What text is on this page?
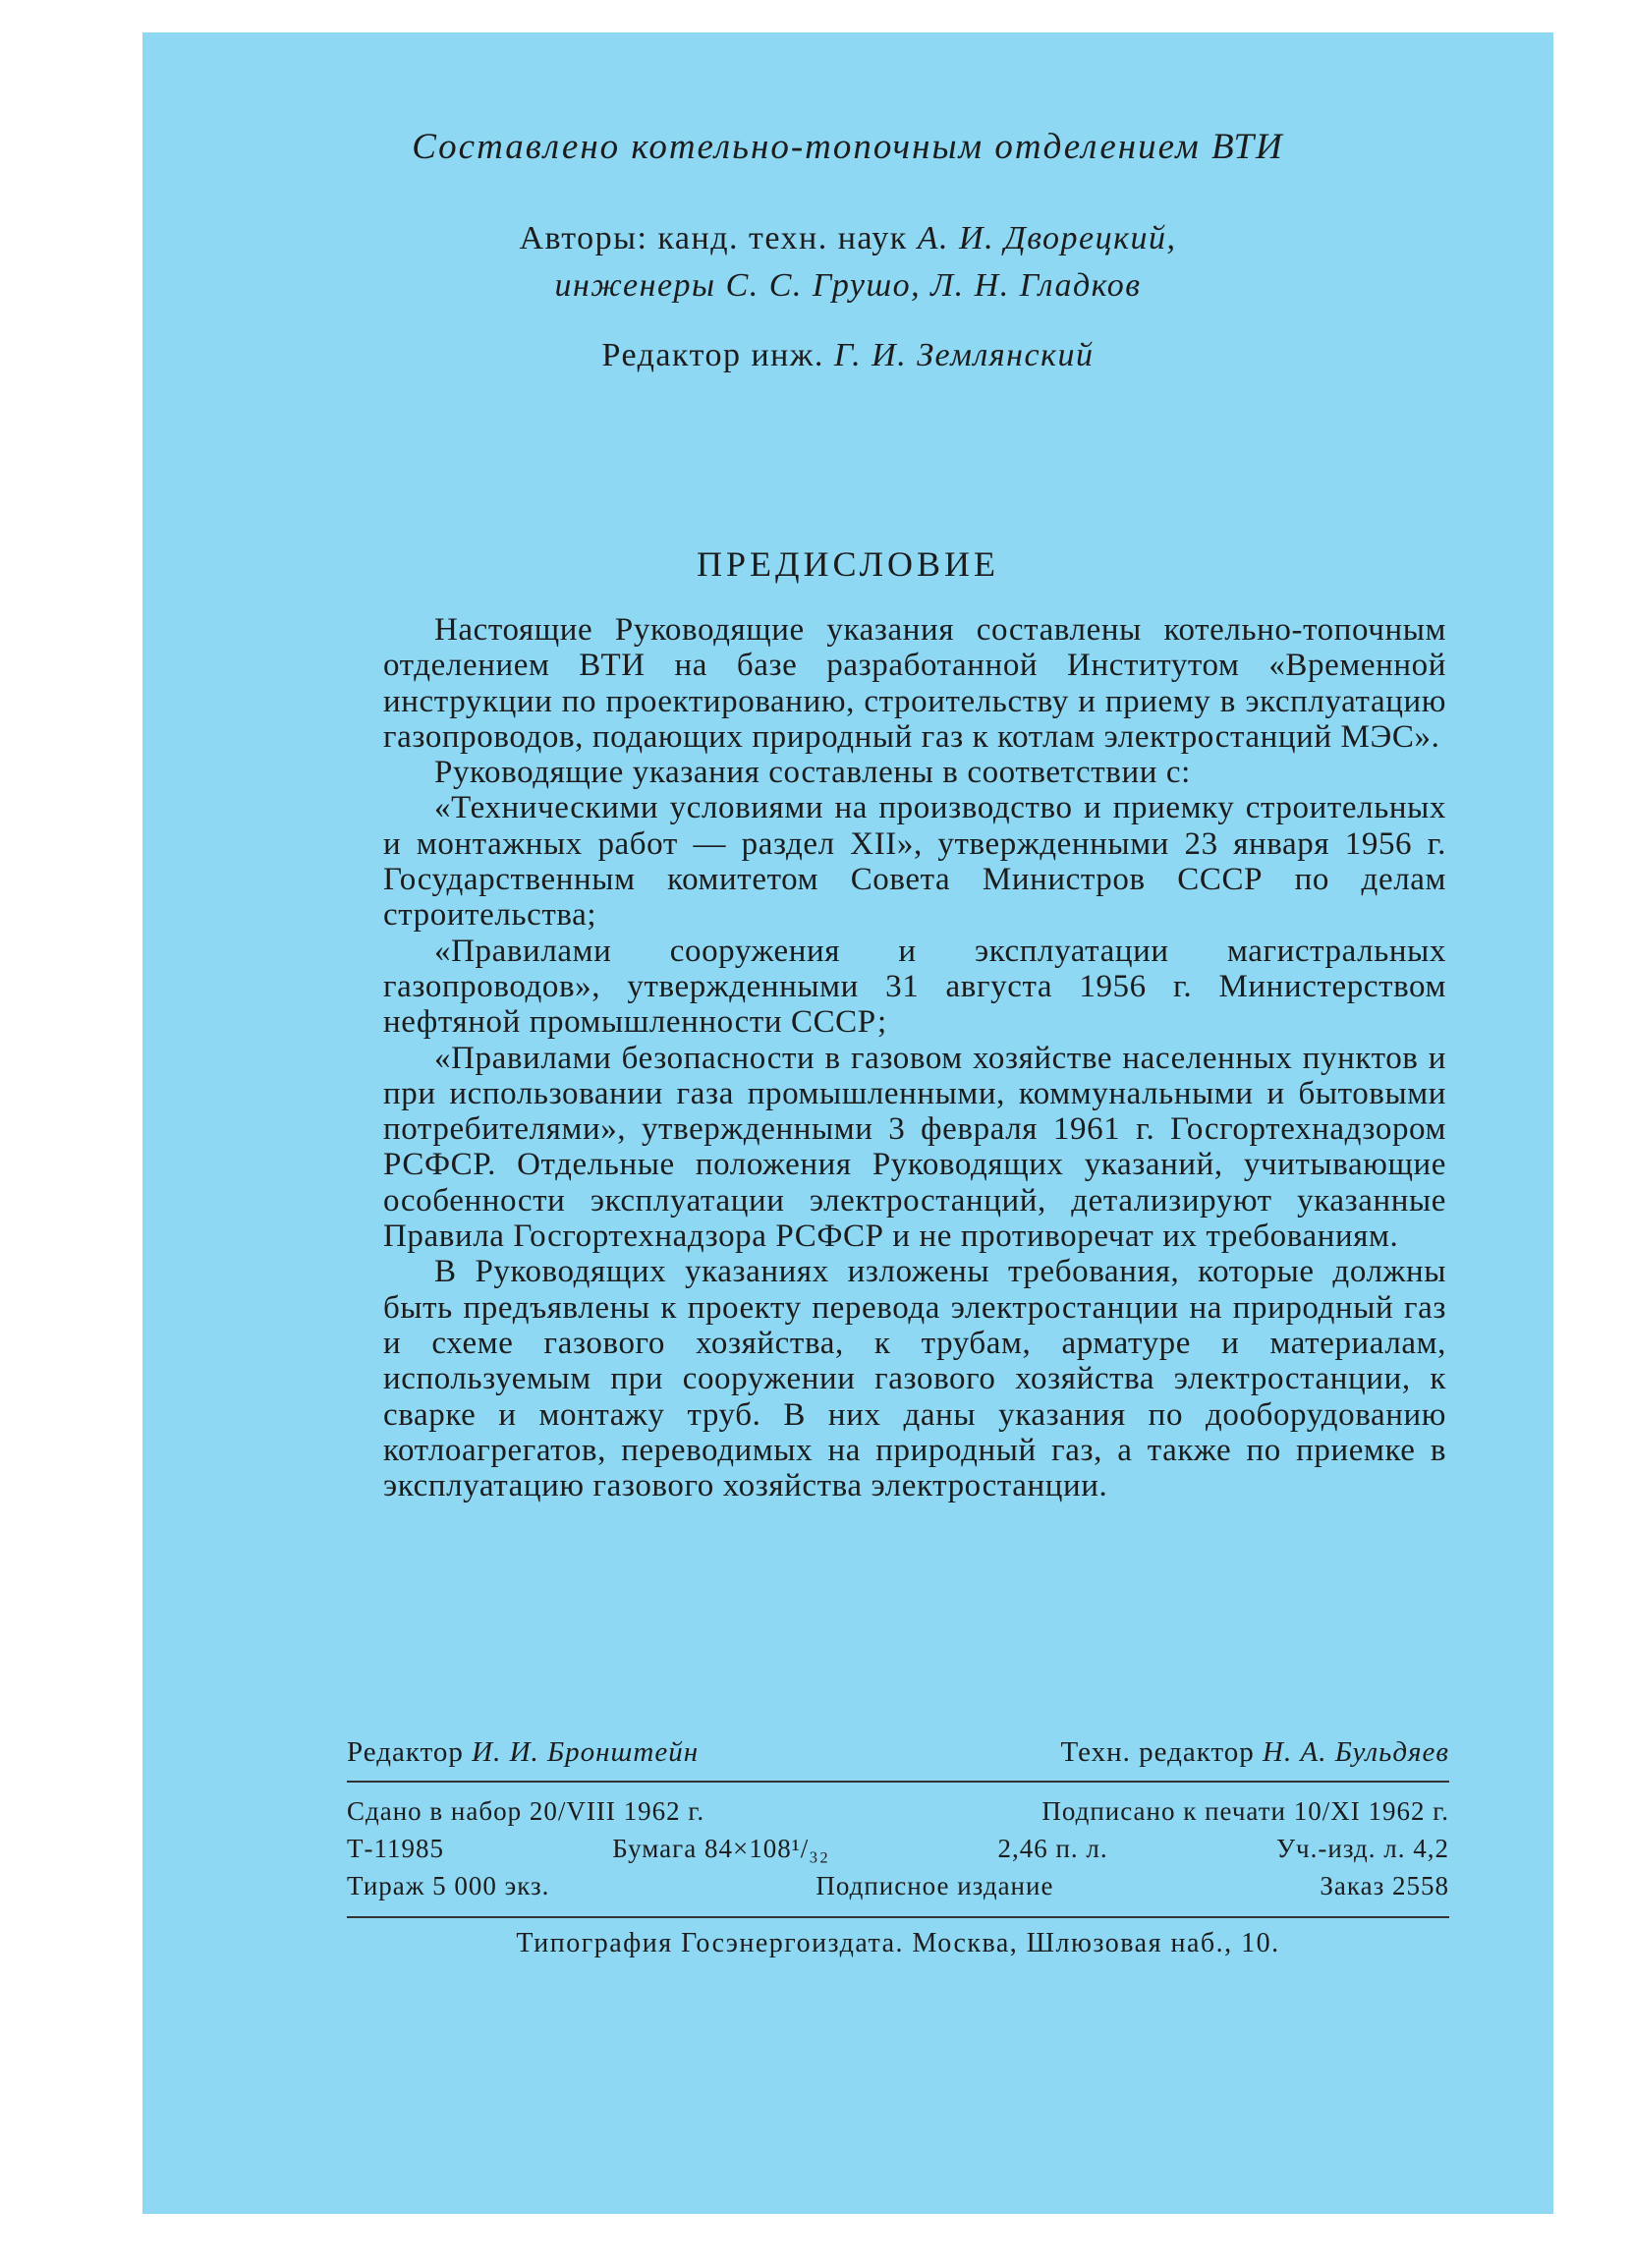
Составлено котельно-топочным отделением ВТИ

Авторы: канд. техн. наук А. И. Дворецкий,
инженеры С. С. Грушо, Л. Н. Гладков
Редактор инж. Г. И. Землянский
ПРЕДИСЛОВИЕ

Настоящие Руководящие указания составлены котельно-топочным отделением ВТИ на базе разработанной Институтом «Временной инструкции по проектированию, строительству и приему в эксплуатацию газопроводов, подающих природный газ к котлам электростанций МЭС».

Руководящие указания составлены в соответствии с:

«Техническими условиями на производство и приемку строительных и монтажных работ — раздел XII», утвержденными 23 января 1956 г. Государственным комитетом Совета Министров СССР по делам строительства;

«Правилами сооружения и эксплуатации магистральных газопроводов», утвержденными 31 августа 1956 г. Министерством нефтяной промышленности СССР;

«Правилами безопасности в газовом хозяйстве населенных пунктов и при использовании газа промышленными, коммунальными и бытовыми потребителями», утвержденными 3 февраля 1961 г. Госгортехнадзором РСФСР. Отдельные положения Руководящих указаний, учитывающие особенности эксплуатации электростанций, детализируют указанные Правила Госгортехнадзора РСФСР и не противоречат их требованиям.

В Руководящих указаниях изложены требования, которые должны быть предъявлены к проекту перевода электростанции на природный газ и схеме газового хозяйства, к трубам, арматуре и материалам, используемым при сооружении газового хозяйства электростанции, к сварке и монтажу труб. В них даны указания по дооборудованию котлоагрегатов, переводимых на природный газ, а также по приемке в эксплуатацию газового хозяйства электростанции.

Редактор И. И. Бронштейн	Техн. редактор Н. А. Бульдяев
Сдано в набор 20/VIII 1962 г.	Подписано к печати 10/XI 1962 г.
Т-11985	Бумага 84×108¹/₃₂	2,46 п. л.	Уч.-изд. л. 4,2
Тираж 5 000 экз.	Подписное издание	Заказ 2558
Типография Госэнергоиздата. Москва, Шлюзовая наб., 10.
